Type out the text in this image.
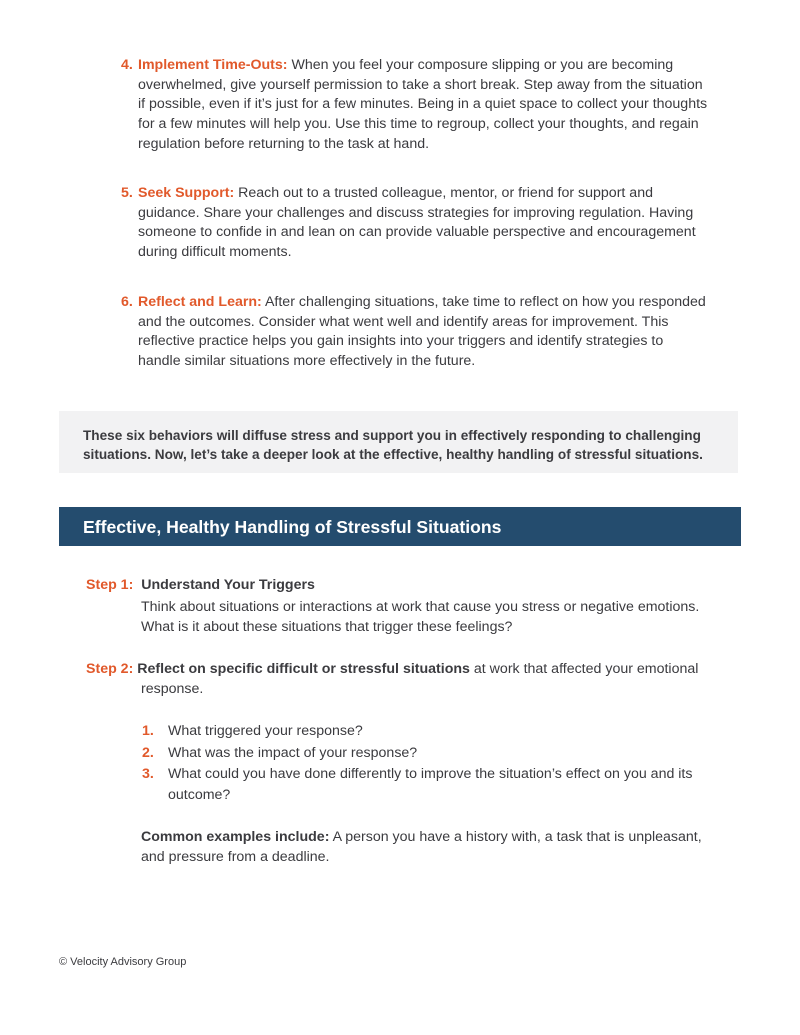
4. Implement Time-Outs: When you feel your composure slipping or you are becoming overwhelmed, give yourself permission to take a short break. Step away from the situation if possible, even if it’s just for a few minutes. Being in a quiet space to collect your thoughts for a few minutes will help you. Use this time to regroup, collect your thoughts, and regain regulation before returning to the task at hand.
5. Seek Support: Reach out to a trusted colleague, mentor, or friend for support and guidance. Share your challenges and discuss strategies for improving regulation. Having someone to confide in and lean on can provide valuable perspective and encouragement during difficult moments.
6. Reflect and Learn: After challenging situations, take time to reflect on how you responded and the outcomes. Consider what went well and identify areas for improvement. This reflective practice helps you gain insights into your triggers and identify strategies to handle similar situations more effectively in the future.
These six behaviors will diffuse stress and support you in effectively responding to challenging situations. Now, let’s take a deeper look at the effective, healthy handling of stressful situations.
Effective, Healthy Handling of Stressful Situations
Step 1: Understand Your Triggers
Think about situations or interactions at work that cause you stress or negative emotions. What is it about these situations that trigger these feelings?
Step 2: Reflect on specific difficult or stressful situations at work that affected your emotional
response.
1. What triggered your response?
2. What was the impact of your response?
3. What could you have done differently to improve the situation’s effect on you and its outcome?
Common examples include: A person you have a history with, a task that is unpleasant, and pressure from a deadline.
© Velocity Advisory Group
